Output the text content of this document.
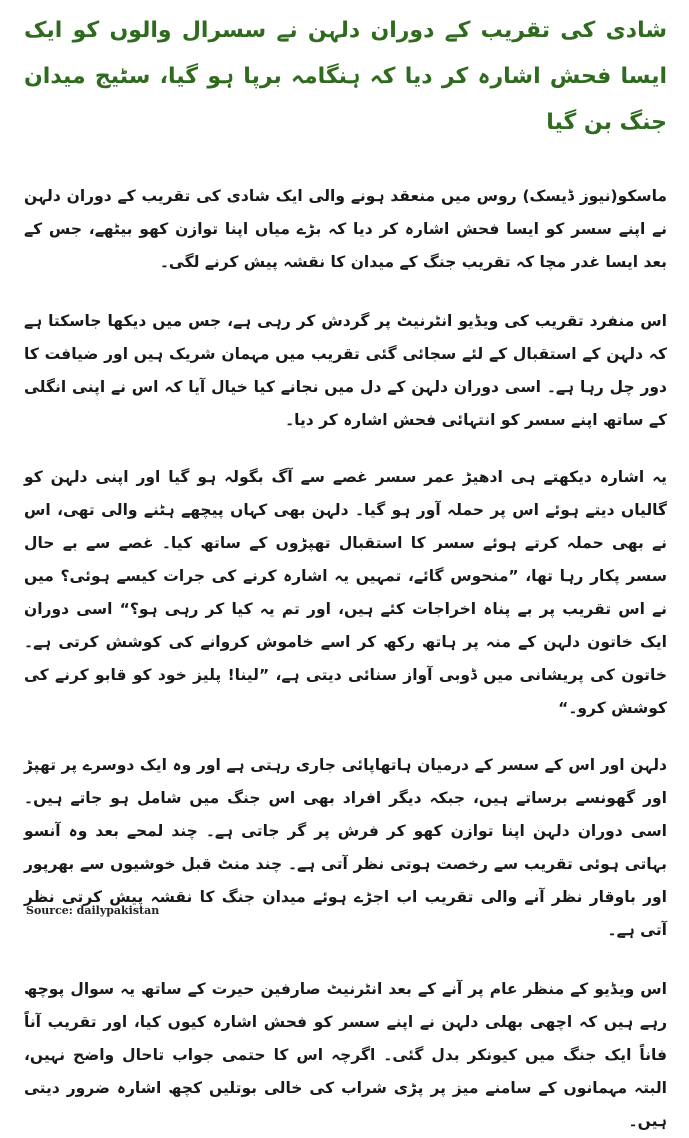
شادی کی تقریب کے دوران دلہن نے سسرال والوں کو ایک ایسا فحش اشارہ کر دیا کہ ہنگامہ برپا ہو گیا، سٹیج میدان جنگ بن گیا

ماسکو(نیوز ڈیسک) روس میں منعقد ہونے والی ایک شادی کی تقریب کے دوران دلہن نے اپنے سسر کو ایسا فحش اشارہ کر دیا کہ بڑے میاں اپنا توازن کھو بیٹھے، جس کے بعد ایسا غدر مچا کہ تقریب جنگ کے میدان کا نقشہ پیش کرنے لگی۔

اس منفرد تقریب کی ویڈیو انٹرنیٹ پر گردش کر رہی ہے، جس میں دیکھا جاسکتا ہے کہ دلہن کے استقبال کے لئے سجائی گئی تقریب میں مہمان شریک ہیں اور ضیافت کا دور چل رہا ہے۔ اسی دوران دلہن کے دل میں نجانے کیا خیال آیا کہ اس نے اپنی انگلی کے ساتھ اپنے سسر کو انتہائی فحش اشارہ کر دیا۔

یہ اشارہ دیکھتے ہی ادھیڑ عمر سسر غصے سے آگ بگولہ ہو گیا اور اپنی دلہن کو گالیاں دیتے ہوئے اس پر حملہ آور ہو گیا۔ دلہن بھی کہاں پیچھے ہٹنے والی تھی، اس نے بھی حملہ کرتے ہوئے سسر کا استقبال تھپڑوں کے ساتھ کیا۔ غصے سے بے حال سسر پکار رہا تھا، ”منحوس گائے، تمہیں یہ اشارہ کرنے کی جرات کیسے ہوئی؟ میں نے اس تقریب پر بے پناہ اخراجات کئے ہیں، اور تم یہ کیا کر رہی ہو؟“ اسی دوران ایک خاتون دلہن کے منہ پر ہاتھ رکھ کر اسے خاموش کروانے کی کوشش کرتی ہے۔ خاتون کی پریشانی میں ڈوبی آواز سنائی دیتی ہے، ”لینا! پلیز خود کو قابو کرنے کی کوشش کرو۔“

دلہن اور اس کے سسر کے درمیان ہاتھاپائی جاری رہتی ہے اور وہ ایک دوسرے پر تھپڑ اور گھونسے برساتے ہیں، جبکہ دیگر افراد بھی اس جنگ میں شامل ہو جاتے ہیں۔ اسی دوران دلہن اپنا توازن کھو کر فرش پر گر جاتی ہے۔ چند لمحے بعد وہ آنسو بہاتی ہوئی تقریب سے رخصت ہوتی نظر آتی ہے۔ چند منٹ قبل خوشیوں سے بھرپور اور باوقار نظر آنے والی تقریب اب اجڑے ہوئے میدان جنگ کا نقشہ پیش کرتی نظر آتی ہے۔

اس ویڈیو کے منظر عام پر آنے کے بعد انٹرنیٹ صارفین حیرت کے ساتھ یہ سوال پوچھ رہے ہیں کہ اچھی بھلی دلہن نے اپنے سسر کو فحش اشارہ کیوں کیا، اور تقریب آناً فاناً ایک جنگ میں کیونکر بدل گئی۔ اگرچہ اس کا حتمی جواب تاحال واضح نہیں، البتہ مہمانوں کے سامنے میز پر پڑی شراب کی خالی بوتلیں کچھ اشارہ ضرور دیتی ہیں۔

Source: dailypakistan
